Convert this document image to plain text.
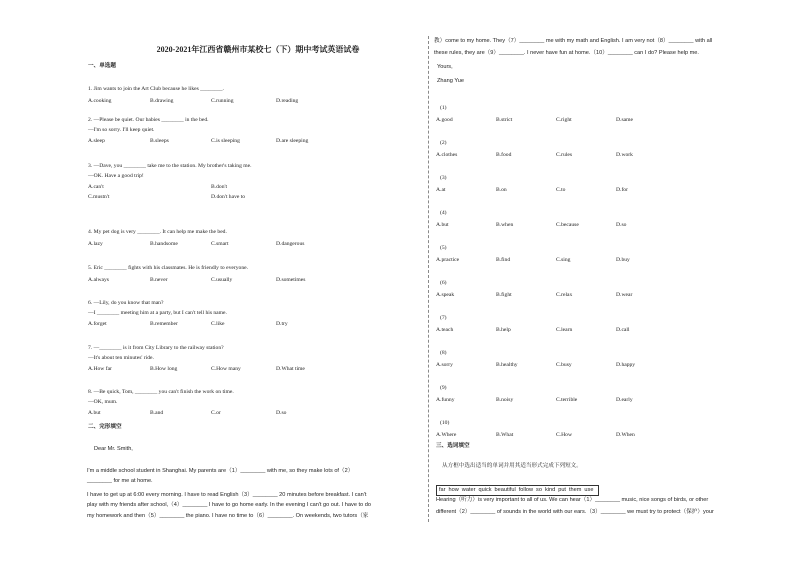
2020-2021年江西省赣州市某校七（下）期中考试英语试卷
一、单选题
1. Jim wants to join the Art Club because he likes ________.
A.cooking	B.drawing	C.running	D.reading
2. —Please be quiet. Our babies ________ in the bed.
—I'm so sorry. I'll keep quiet.
A.sleep	B.sleeps	C.is sleeping	D.are sleeping
3. —Dave, you ________ take me to the station. My brother's taking me.
—OK. Have a good trip!
A.can't	B.don't
C.mustn't	D.don't have to
4. My pet dog is very ________. It can help me make the bed.
A.lazy	B.handsome	C.smart	D.dangerous
5. Eric ________ fights with his classmates. He is friendly to everyone.
A.always	B.never	C.usually	D.sometimes
6. —Lily, do you know that man?
—I ________ meeting him at a party, but I can't tell his name.
A.forget	B.remember	C.like	D.try
7. —________ is it from City Library to the railway station?
—It's about ten minutes' ride.
A.How far	B.How long	C.How many	D.What time
8. —Be quick, Tom, ________ you can't finish the work on time.
—OK, mum.
A.but	B.and	C.or	D.so
二、完形填空
Dear Mr. Smith,
I'm a middle school student in Shanghai. My parents are（1）________ with me, so they make lots of（2）
________ for me at home.
I have to get up at 6:00 every morning. I have to read English（3）________ 20 minutes before breakfast. I can't
play with my friends after school,（4）________ I have to go home early. In the evening I can't go out. I have to do
my homework and then（5）________ the piano. I have no time to（6）________. On weekends, two tutors（家
教）come to my home. They（7）________ me with my math and English. I am very not（8）________ with all
these rules, they are（9）________. I never have fun at home.（10）________ can I do? Please help me.
Yours,
Zhang Yue
(1)
A.good	B.strict	C.right	D.same
(2)
A.clothes	B.food	C.rules	D.work
(3)
A.at	B.on	C.to	D.for
(4)
A.but	B.when	C.because	D.so
(5)
A.practice	B.find	C.sing	D.buy
(6)
A.speak	B.fight	C.relax	D.wear
(7)
A.teach	B.help	C.learn	D.call
(8)
A.sorry	B.healthy	C.busy	D.happy
(9)
A.funny	B.noisy	C.terrible	D.early
(10)
A.Where	B.What	C.How	D.When
三、选词填空
从方框中选出适当的单词并用其适当形式完成下列短文。
far how water quick beautiful follow so kind put them use
Hearing（听力）is very important to all of us. We can hear（1）________ music, nice songs of birds, or other
different（2）________ of sounds in the world with our ears.（3）________ we must try to protect（保护）your
